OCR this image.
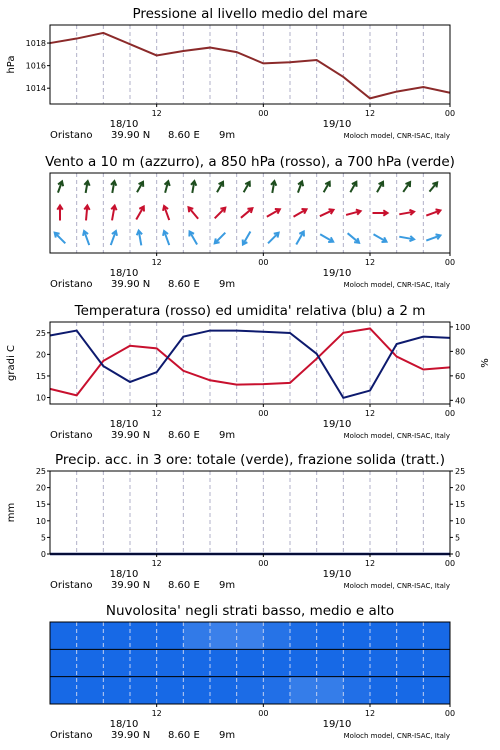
Pressione al livello medio del mare
1014
1016
1018
hPa
12	00	12	00
18/10	19/10
Oristano 39.90 N 8.60 E 9m	Moloch model, CNR-ISAC, Italy
Vento a 10 m (azzurro), a 850 hPa (rosso), a 700 hPa (verde)
12	00	12	00
18/10	19/10
Oristano 39.90 N 8.60 E 9m	Moloch model, CNR-ISAC, Italy
Temperatura (rosso) ed umidita' relativa (blu) a 2 m
10
15
20
25
40
60
80
100
gradi C	%
12	00	12	00
18/10	19/10
Oristano 39.90 N 8.60 E 9m	Moloch model, CNR-ISAC, Italy
Precip. acc. in 3 ore: totale (verde), frazione solida (tratt.)
0	0
5	5
10	10
15	15
20	20
25	25
mm
12	00	12	00
18/10	19/10
Oristano 39.90 N 8.60 E 9m	Moloch model, CNR-ISAC, Italy
Nuvolosita' negli strati basso, medio e alto
12	00	12	00
18/10	19/10
Oristano 39.90 N 8.60 E 9m	Moloch model, CNR-ISAC, Italy
